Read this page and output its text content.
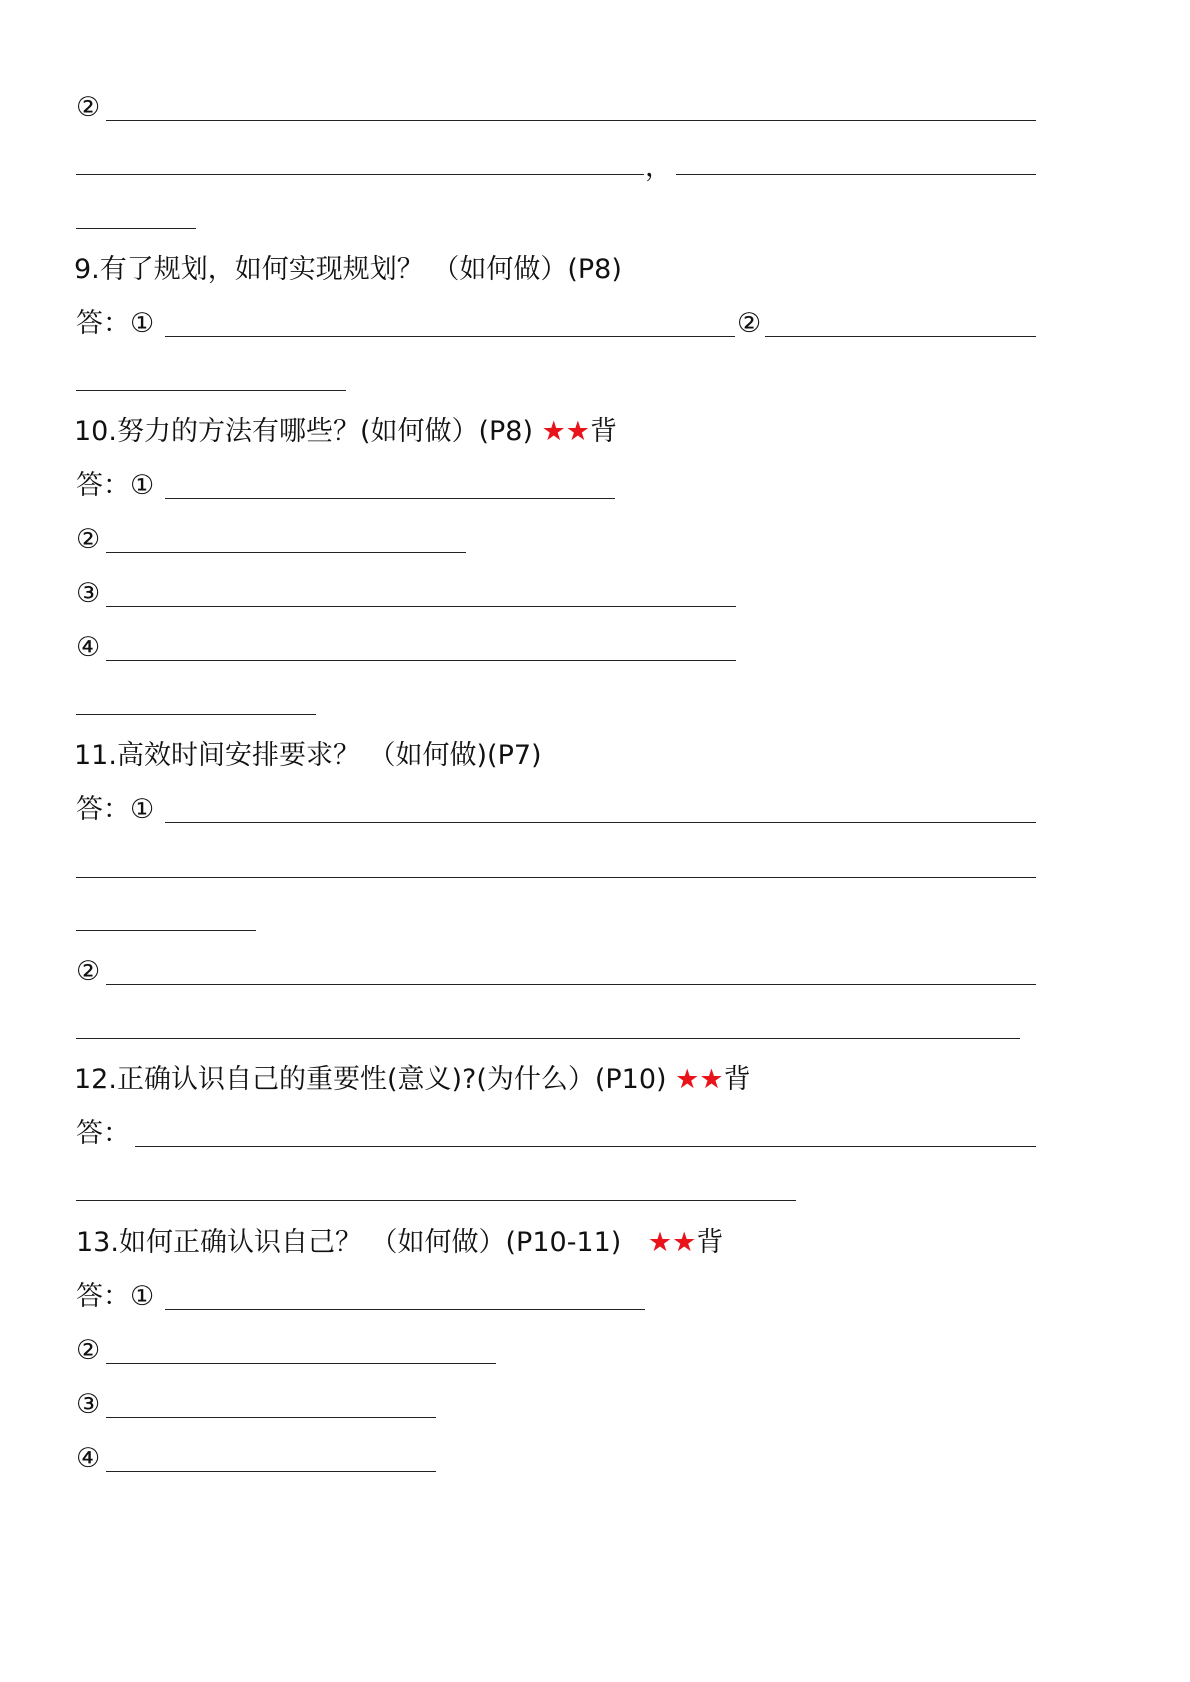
②
，
9.有了规划，如何实现规划？ （如何做）(P8)
答：①	②
10.努力的方法有哪些？(如何做）(P8) ★★背
答：①
②
③
④
11.高效时间安排要求？ （如何做)(P7)
答：①
②
12.正确认识自己的重要性(意义)?(为什么）(P10) ★★背
答：
13.如何正确认识自己？ （如何做）(P10-11) ★★背
答：①
②
③
④
